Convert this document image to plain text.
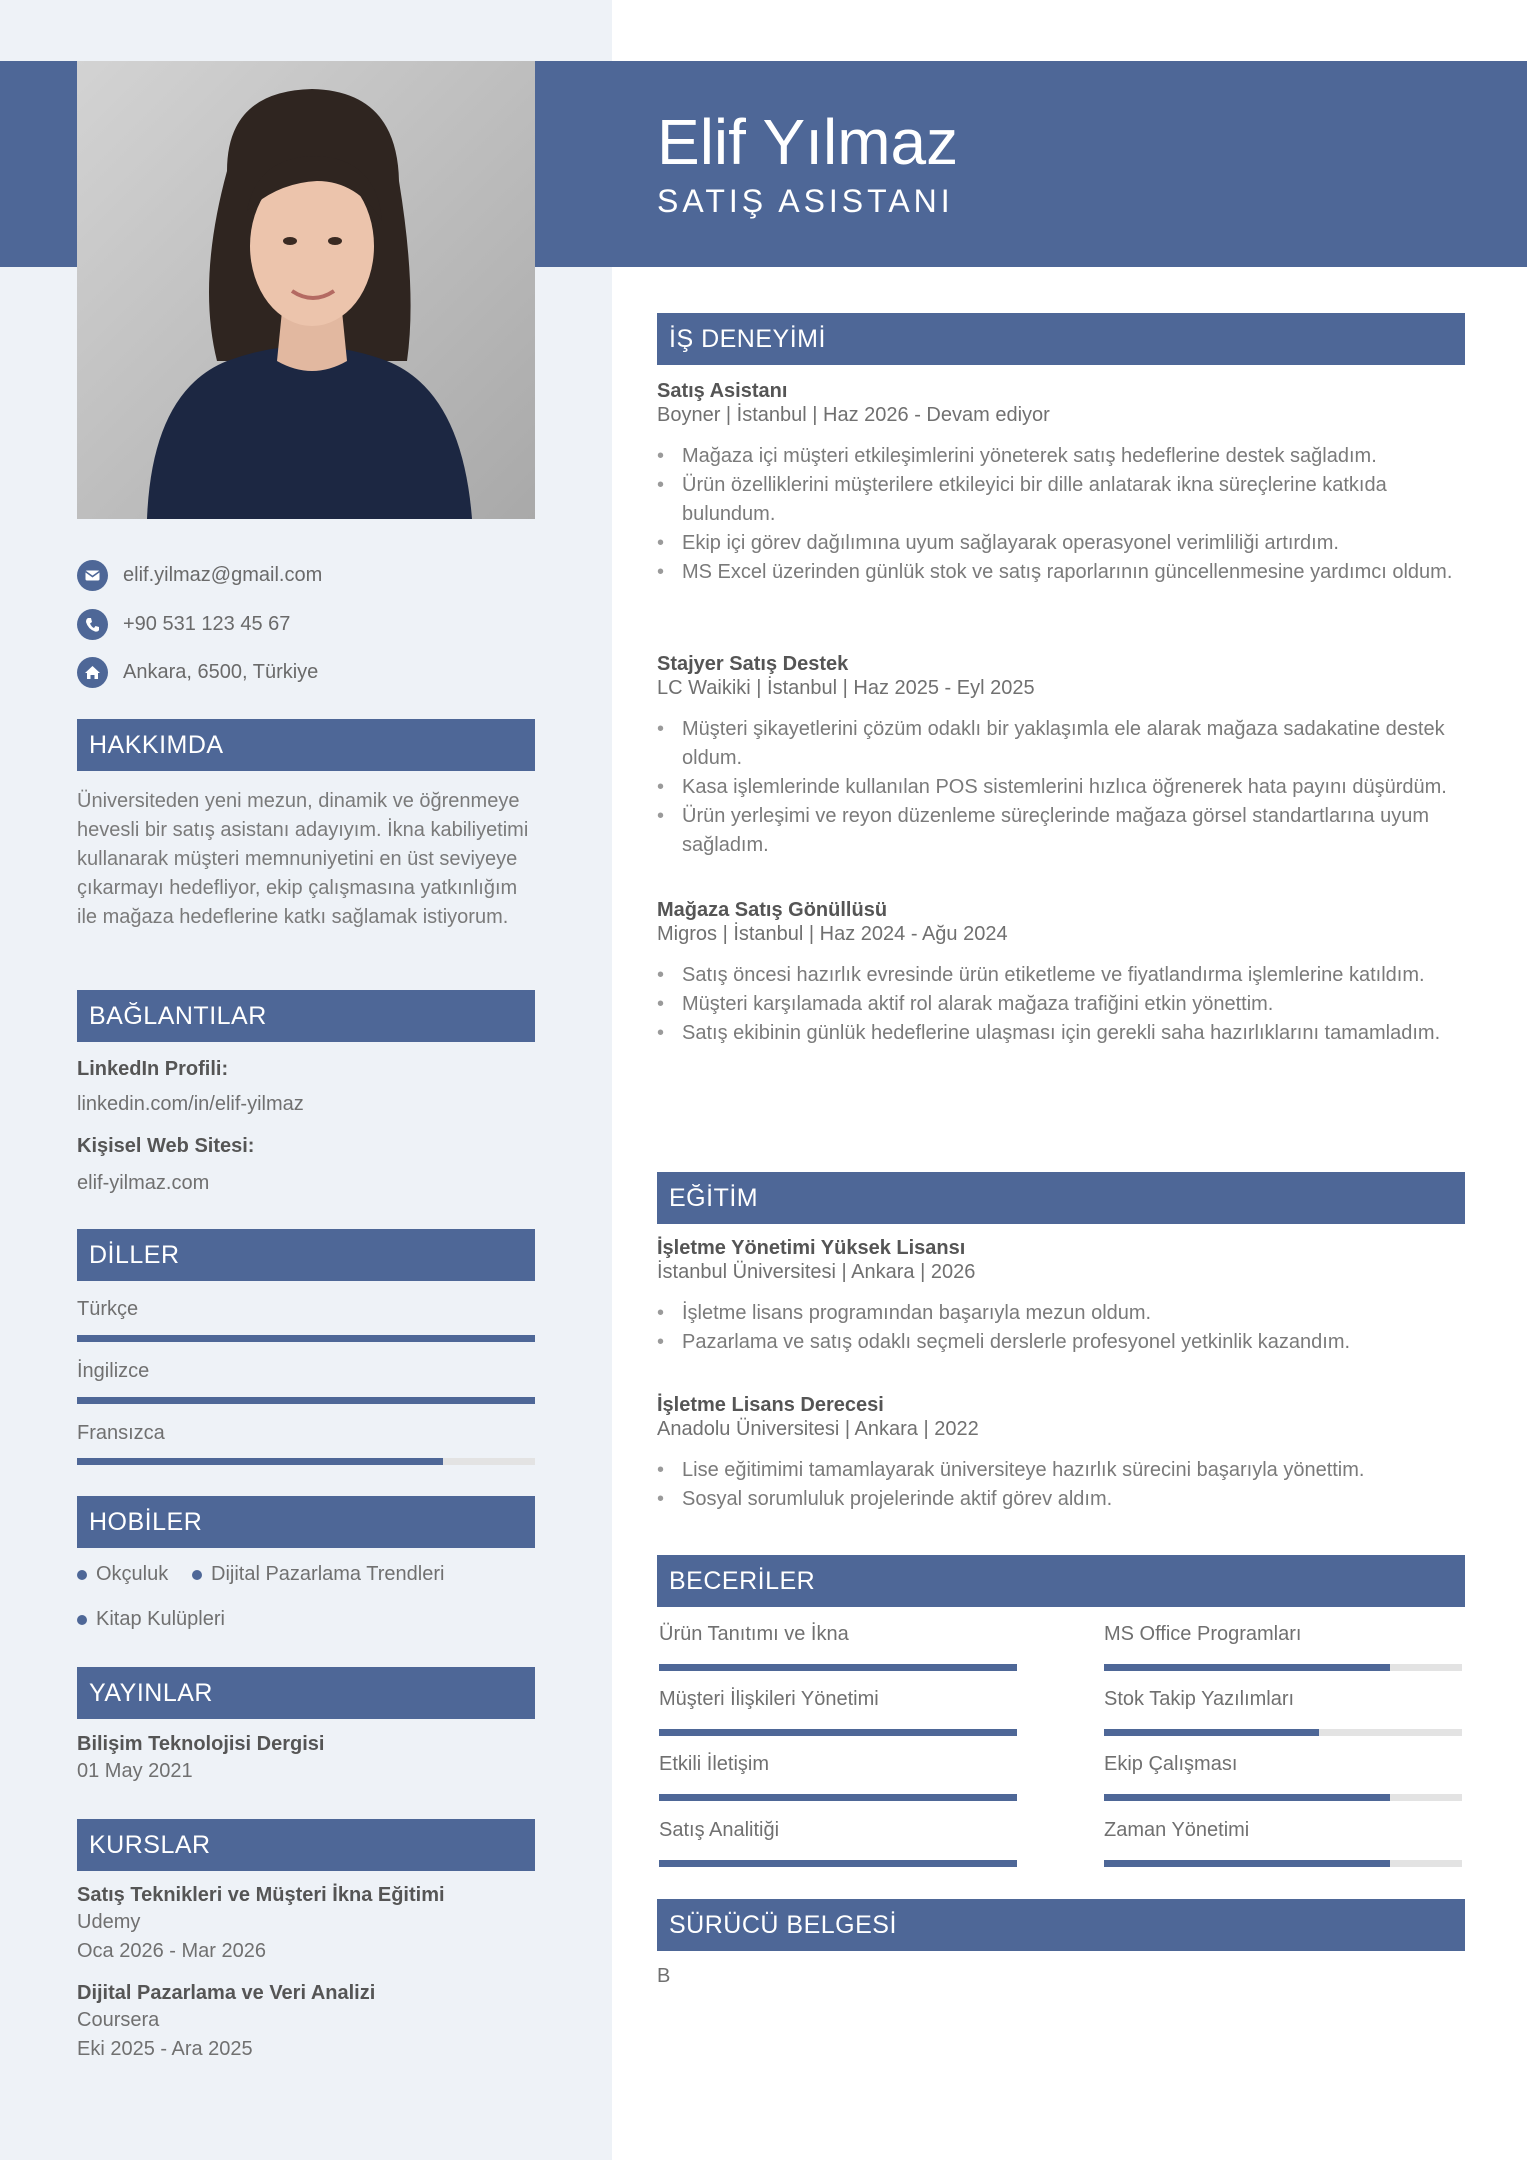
Elif Yılmaz
SATIŞ ASISTANI
elif.yilmaz@gmail.com
+90 531 123 45 67
Ankara, 6500, Türkiye
HAKKIMDA
Üniversiteden yeni mezun, dinamik ve öğrenmeye hevesli bir satış asistanı adayıyım. İkna kabiliyetimi kullanarak müşteri memnuniyetini en üst seviyeye çıkarmayı hedefliyor, ekip çalışmasına yatkınlığım ile mağaza hedeflerine katkı sağlamak istiyorum.
BAĞLANTILAR
LinkedIn Profili:
linkedin.com/in/elif-yilmaz
Kişisel Web Sitesi:
elif-yilmaz.com
DİLLER
Türkçe
İngilizce
Fransızca
HOBİLER
Okçuluk	Dijital Pazarlama Trendleri
Kitap Kulüpleri
YAYINLAR
Bilişim Teknolojisi Dergisi
01 May 2021
KURSLAR
Satış Teknikleri ve Müşteri İkna Eğitimi
Udemy
Oca 2026 - Mar 2026
Dijital Pazarlama ve Veri Analizi
Coursera
Eki 2025 - Ara 2025
İŞ DENEYİMİ
Satış Asistanı
Boyner | İstanbul | Haz 2026 - Devam ediyor
• Mağaza içi müşteri etkileşimlerini yöneterek satış hedeflerine destek sağladım.
• Ürün özelliklerini müşterilere etkileyici bir dille anlatarak ikna süreçlerine katkıda bulundum.
• Ekip içi görev dağılımına uyum sağlayarak operasyonel verimliliği artırdım.
• MS Excel üzerinden günlük stok ve satış raporlarının güncellenmesine yardımcı oldum.
Stajyer Satış Destek
LC Waikiki | İstanbul | Haz 2025 - Eyl 2025
• Müşteri şikayetlerini çözüm odaklı bir yaklaşımla ele alarak mağaza sadakatine destek oldum.
• Kasa işlemlerinde kullanılan POS sistemlerini hızlıca öğrenerek hata payını düşürdüm.
• Ürün yerleşimi ve reyon düzenleme süreçlerinde mağaza görsel standartlarına uyum sağladım.
Mağaza Satış Gönüllüsü
Migros | İstanbul | Haz 2024 - Ağu 2024
• Satış öncesi hazırlık evresinde ürün etiketleme ve fiyatlandırma işlemlerine katıldım.
• Müşteri karşılamada aktif rol alarak mağaza trafiğini etkin yönettim.
• Satış ekibinin günlük hedeflerine ulaşması için gerekli saha hazırlıklarını tamamladım.
EĞİTİM
İşletme Yönetimi Yüksek Lisansı
İstanbul Üniversitesi | Ankara | 2026
• İşletme lisans programından başarıyla mezun oldum.
• Pazarlama ve satış odaklı seçmeli derslerle profesyonel yetkinlik kazandım.
İşletme Lisans Derecesi
Anadolu Üniversitesi | Ankara | 2022
• Lise eğitimimi tamamlayarak üniversiteye hazırlık sürecini başarıyla yönettim.
• Sosyal sorumluluk projelerinde aktif görev aldım.
BECERİLER
Ürün Tanıtımı ve İkna	MS Office Programları
Müşteri İlişkileri Yönetimi	Stok Takip Yazılımları
Etkili İletişim	Ekip Çalışması
Satış Analitiği	Zaman Yönetimi
SÜRÜCÜ BELGESİ
B
